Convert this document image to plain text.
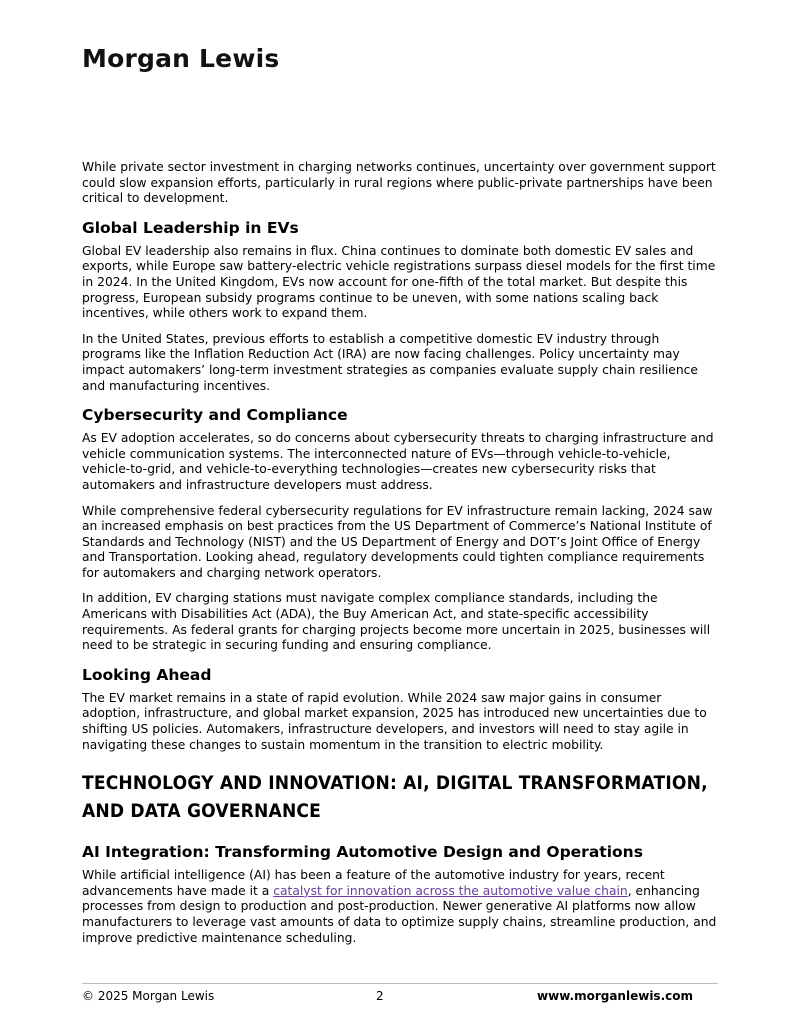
Morgan Lewis

While private sector investment in charging networks continues, uncertainty over government support could slow expansion efforts, particularly in rural regions where public-private partnerships have been critical to development.

Global Leadership in EVs

Global EV leadership also remains in flux. China continues to dominate both domestic EV sales and exports, while Europe saw battery-electric vehicle registrations surpass diesel models for the first time in 2024. In the United Kingdom, EVs now account for one-fifth of the total market. But despite this progress, European subsidy programs continue to be uneven, with some nations scaling back incentives, while others work to expand them.

In the United States, previous efforts to establish a competitive domestic EV industry through programs like the Inflation Reduction Act (IRA) are now facing challenges. Policy uncertainty may impact automakers’ long-term investment strategies as companies evaluate supply chain resilience and manufacturing incentives.

Cybersecurity and Compliance

As EV adoption accelerates, so do concerns about cybersecurity threats to charging infrastructure and vehicle communication systems. The interconnected nature of EVs—through vehicle-to-vehicle, vehicle-to-grid, and vehicle-to-everything technologies—creates new cybersecurity risks that automakers and infrastructure developers must address.

While comprehensive federal cybersecurity regulations for EV infrastructure remain lacking, 2024 saw an increased emphasis on best practices from the US Department of Commerce’s National Institute of Standards and Technology (NIST) and the US Department of Energy and DOT’s Joint Office of Energy and Transportation. Looking ahead, regulatory developments could tighten compliance requirements for automakers and charging network operators.

In addition, EV charging stations must navigate complex compliance standards, including the Americans with Disabilities Act (ADA), the Buy American Act, and state-specific accessibility requirements. As federal grants for charging projects become more uncertain in 2025, businesses will need to be strategic in securing funding and ensuring compliance.

Looking Ahead

The EV market remains in a state of rapid evolution. While 2024 saw major gains in consumer adoption, infrastructure, and global market expansion, 2025 has introduced new uncertainties due to shifting US policies. Automakers, infrastructure developers, and investors will need to stay agile in navigating these changes to sustain momentum in the transition to electric mobility.

TECHNOLOGY AND INNOVATION: AI, DIGITAL TRANSFORMATION, AND DATA GOVERNANCE
AI Integration: Transforming Automotive Design and Operations

While artificial intelligence (AI) has been a feature of the automotive industry for years, recent advancements have made it a catalyst for innovation across the automotive value chain, enhancing processes from design to production and post-production. Newer generative AI platforms now allow manufacturers to leverage vast amounts of data to optimize supply chains, streamline production, and improve predictive maintenance scheduling.

© 2025 Morgan Lewis	2	www.morganlewis.com
